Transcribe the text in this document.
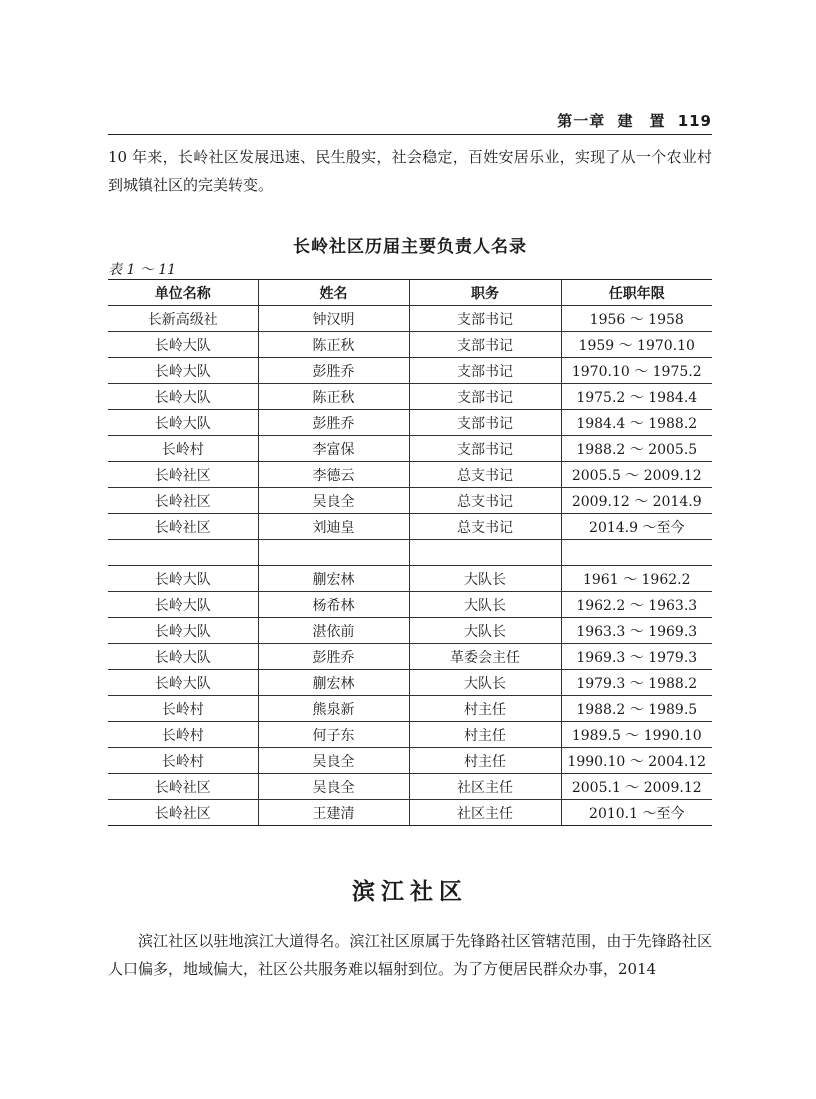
第一章 建　置 119
10 年来，长岭社区发展迅速、民生殷实，社会稳定，百姓安居乐业，实现了从一个农业村到城镇社区的完美转变。
长岭社区历届主要负责人名录
表 1 ～ 11
单位名称	姓名	职务	任职年限
长新高级社	钟汉明	支部书记	1956 ～ 1958
长岭大队	陈正秋	支部书记	1959 ～ 1970.10
长岭大队	彭胜乔	支部书记	1970.10 ～ 1975.2
长岭大队	陈正秋	支部书记	1975.2 ～ 1984.4
长岭大队	彭胜乔	支部书记	1984.4 ～ 1988.2
长岭村	李富保	支部书记	1988.2 ～ 2005.5
长岭社区	李德云	总支书记	2005.5 ～ 2009.12
长岭社区	吴良全	总支书记	2009.12 ～ 2014.9
长岭社区	刘迪皇	总支书记	2014.9 ～至今

长岭大队	蒯宏林	大队长	1961 ～ 1962.2
长岭大队	杨希林	大队长	1962.2 ～ 1963.3
长岭大队	湛依前	大队长	1963.3 ～ 1969.3
长岭大队	彭胜乔	革委会主任	1969.3 ～ 1979.3
长岭大队	蒯宏林	大队长	1979.3 ～ 1988.2
长岭村	熊泉新	村主任	1988.2 ～ 1989.5
长岭村	何子东	村主任	1989.5 ～ 1990.10
长岭村	吴良全	村主任	1990.10 ～ 2004.12
长岭社区	吴良全	社区主任	2005.1 ～ 2009.12
长岭社区	王建清	社区主任	2010.1 ～至今
滨江社区
滨江社区以驻地滨江大道得名。滨江社区原属于先锋路社区管辖范围，由于先锋路社区人口偏多，地域偏大，社区公共服务难以辐射到位。为了方便居民群众办事，2014
